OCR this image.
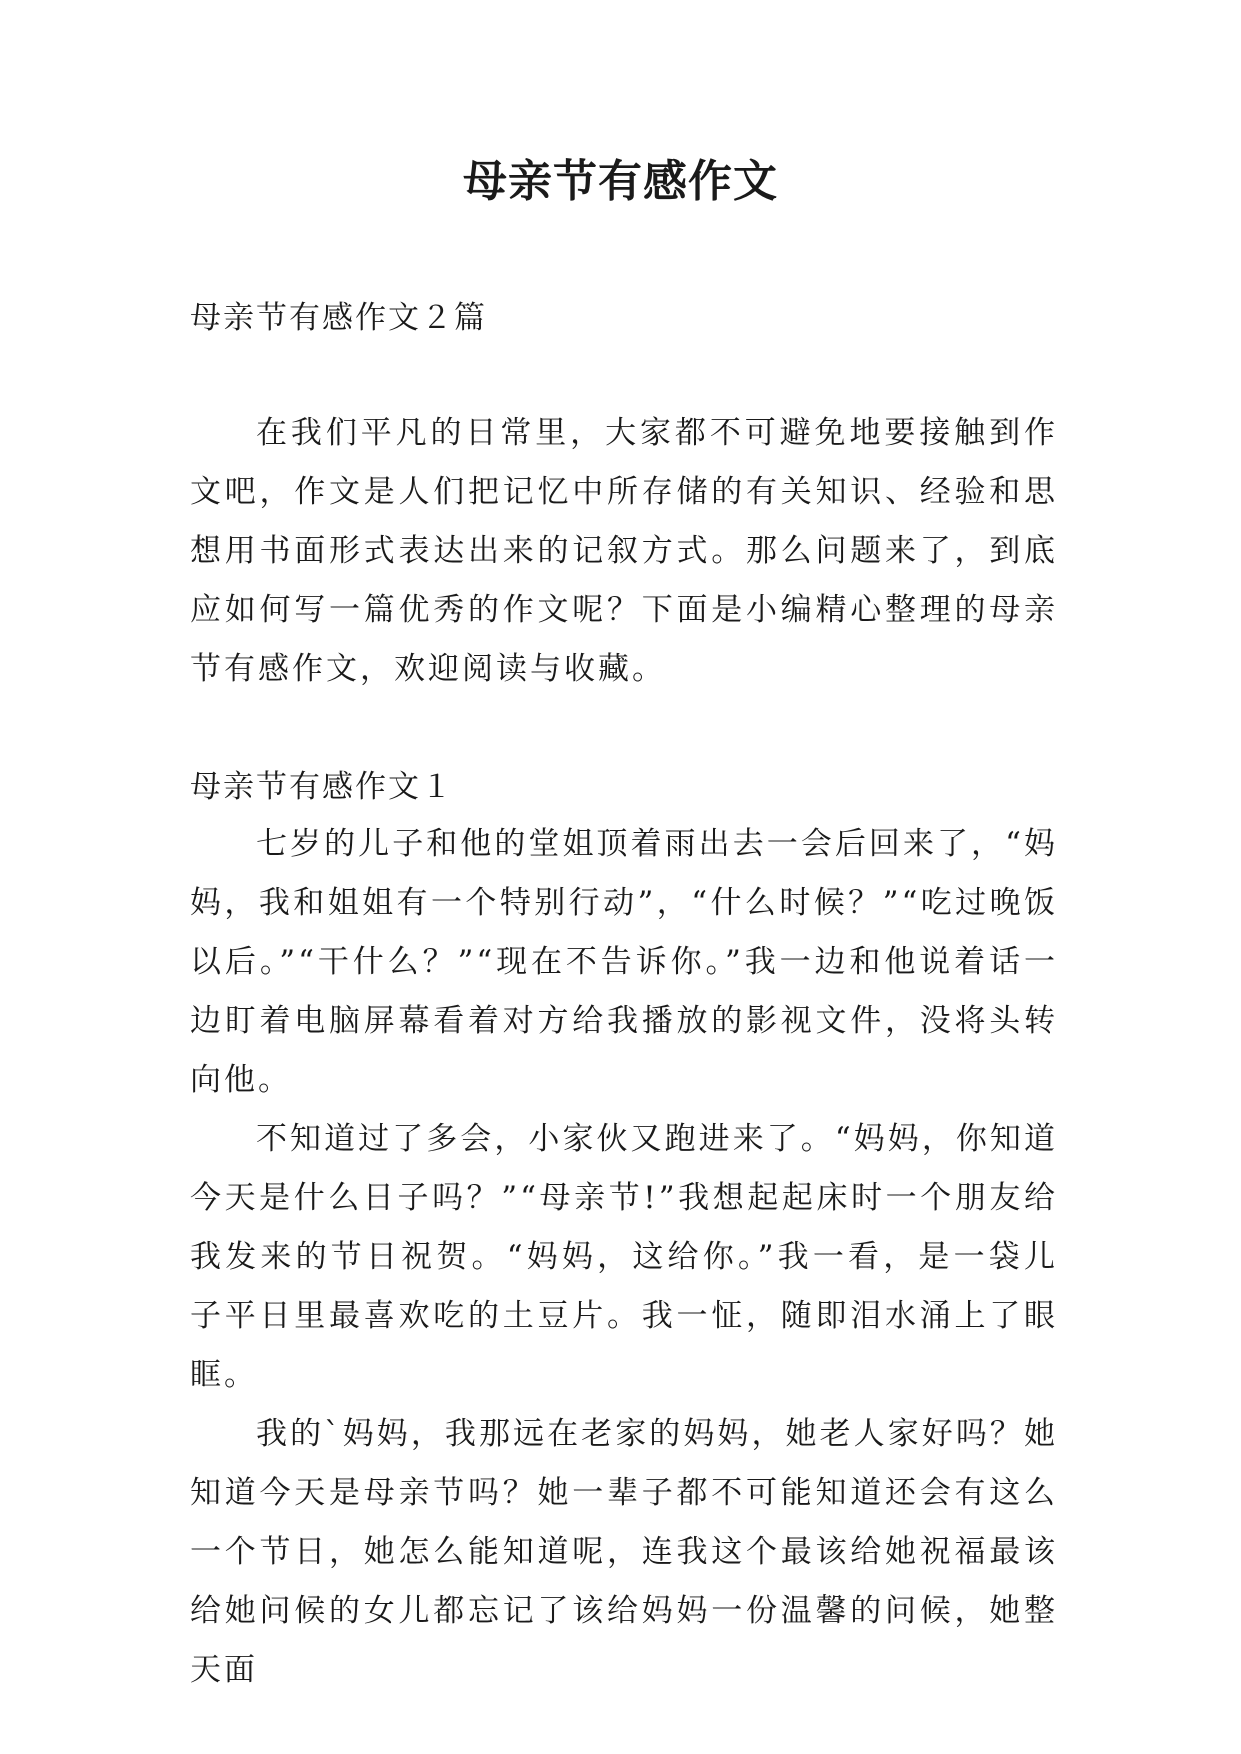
母亲节有感作文

母亲节有感作文２篇

在我们平凡的日常里，大家都不可避免地要接触到作文吧，作文是人们把记忆中所存储的有关知识、经验和思想用书面形式表达出来的记叙方式。那么问题来了，到底应如何写一篇优秀的作文呢？下面是小编精心整理的母亲节有感作文，欢迎阅读与收藏。

母亲节有感作文１

七岁的儿子和他的堂姐顶着雨出去一会后回来了，“妈妈，我和姐姐有一个特别行动”，“什么时候？”“吃过晚饭以后。”“干什么？”“现在不告诉你。”我一边和他说着话一边盯着电脑屏幕看着对方给我播放的影视文件，没将头转向他。

不知道过了多会，小家伙又跑进来了。“妈妈，你知道今天是什么日子吗？”“母亲节!”我想起起床时一个朋友给我发来的节日祝贺。“妈妈，这给你。”我一看，是一袋儿子平日里最喜欢吃的土豆片。我一怔，随即泪水涌上了眼眶。

我的`妈妈，我那远在老家的妈妈，她老人家好吗？她知道今天是母亲节吗？她一辈子都不可能知道还会有这么一个节日，她怎么能知道呢，连我这个最该给她祝福最该给她问候的女儿都忘记了该给妈妈一份温馨的问候，她整天面
